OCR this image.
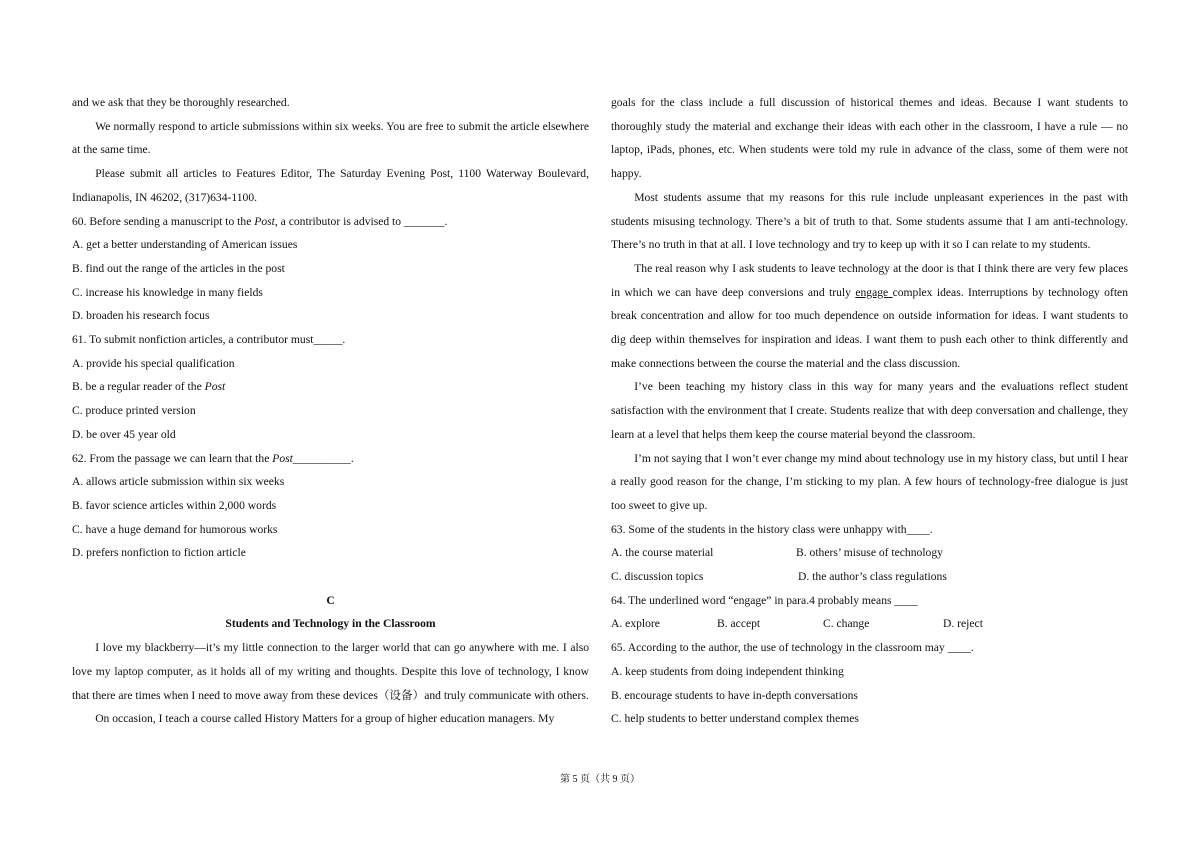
and we ask that they be thoroughly researched.

We normally respond to article submissions within six weeks. You are free to submit the article elsewhere at the same time.

Please submit all articles to Features Editor, The Saturday Evening Post, 1100 Waterway Boulevard, Indianapolis, IN 46202, (317)634-1100.

60. Before sending a manuscript to the Post, a contributor is advised to _______.

A. get a better understanding of American issues

B. find out the range of the articles in the post

C. increase his knowledge in many fields

D. broaden his research focus

61. To submit nonfiction articles, a contributor must_____.

A. provide his special qualification

B. be a regular reader of the Post

C. produce printed version

D. be over 45 year old

62. From the passage we can learn that the Post__________.

A. allows article submission within six weeks

B. favor science articles within 2,000 words

C. have a huge demand for humorous works

D. prefers nonfiction to fiction article

C

Students and Technology in the Classroom

I love my blackberry—it’s my little connection to the larger world that can go anywhere with me. I also love my laptop computer, as it holds all of my writing and thoughts. Despite this love of technology, I know that there are times when I need to move away from these devices（设备）and truly communicate with others.

On occasion, I teach a course called History Matters for a group of higher education managers. My

goals for the class include a full discussion of historical themes and ideas. Because I want students to thoroughly study the material and exchange their ideas with each other in the classroom, I have a rule — no laptop, iPads, phones, etc. When students were told my rule in advance of the class, some of them were not happy.

Most students assume that my reasons for this rule include unpleasant experiences in the past with students misusing technology. There’s a bit of truth to that. Some students assume that I am anti-technology. There’s no truth in that at all. I love technology and try to keep up with it so I can relate to my students.

The real reason why I ask students to leave technology at the door is that I think there are very few places in which we can have deep conversions and truly engage complex ideas. Interruptions by technology often break concentration and allow for too much dependence on outside information for ideas. I want students to dig deep within themselves for inspiration and ideas. I want them to push each other to think differently and make connections between the course the material and the class discussion.

I’ve been teaching my history class in this way for many years and the evaluations reflect student satisfaction with the environment that I create. Students realize that with deep conversation and challenge, they learn at a level that helps them keep the course material beyond the classroom.

I’m not saying that I won’t ever change my mind about technology use in my history class, but until I hear a really good reason for the change, I’m sticking to my plan. A few hours of technology-free dialogue is just too sweet to give up.

63. Some of the students in the history class were unhappy with____.

A. the course material	B. others’ misuse of technology
C. discussion topics	D. the author’s class regulations

64. The underlined word “engage” in para.4 probably means ____

A. explore	B. accept	C. change	D. reject

65. According to the author, the use of technology in the classroom may ____.

A. keep students from doing independent thinking

B. encourage students to have in-depth conversations

C. help students to better understand complex themes

第 5 页（共 9 页）
